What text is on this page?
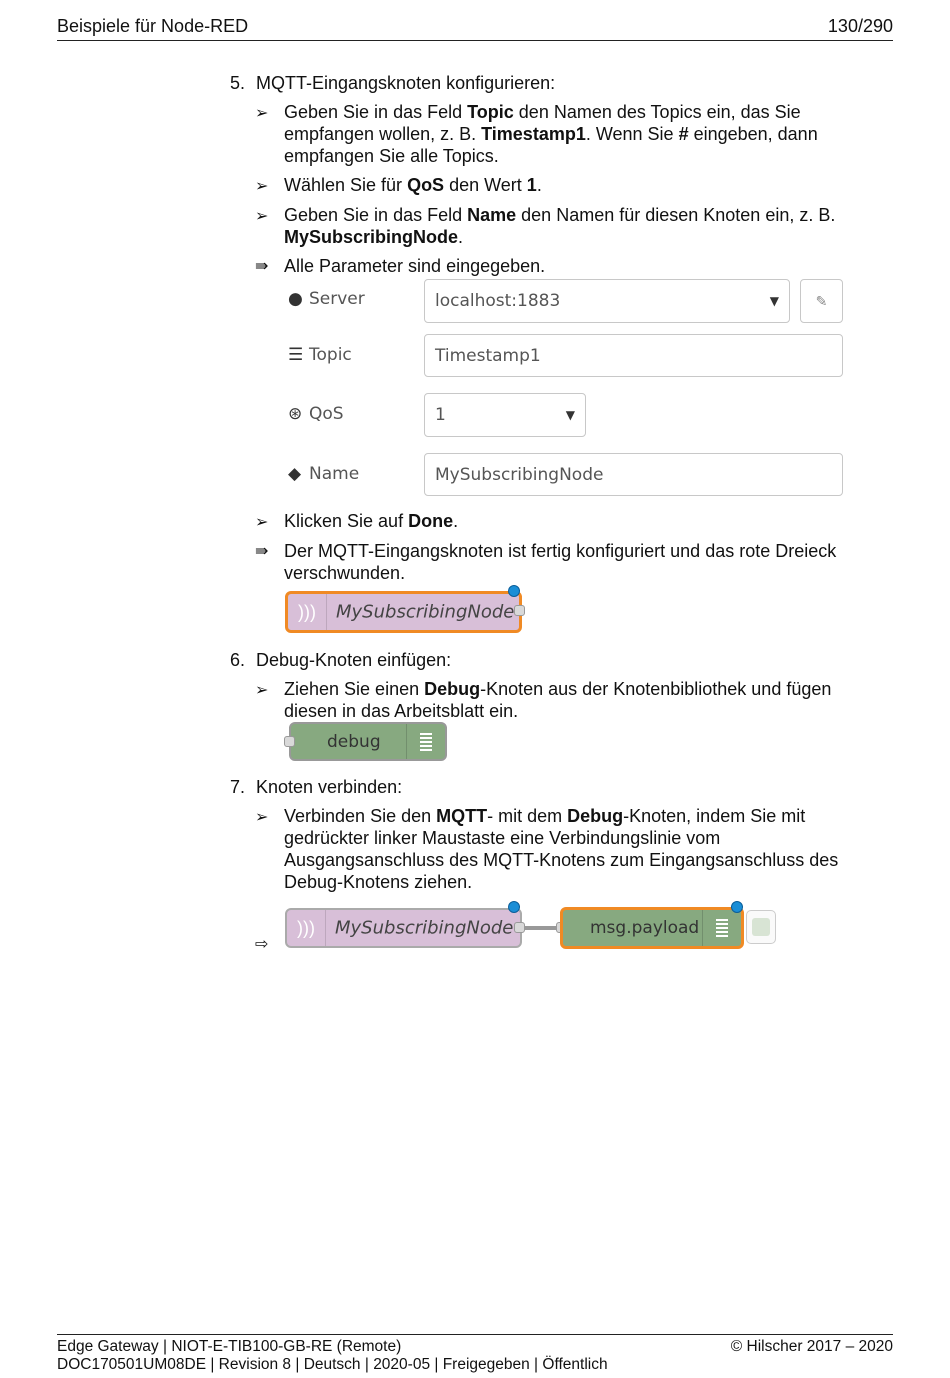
Beispiele für Node-RED	130/290
5. MQTT-Eingangsknoten konfigurieren:
➢ Geben Sie in das Feld Topic den Namen des Topics ein, das Sie
empfangen wollen, z. B. Timestamp1. Wenn Sie # eingeben, dann
empfangen Sie alle Topics.
➢ Wählen Sie für QoS den Wert 1.
➢ Geben Sie in das Feld Name den Namen für diesen Knoten ein, z. B.
MySubscribingNode.
⇛ Alle Parameter sind eingegeben.
● Server	localhost:1883	▼	✎
☰ Topic	Timestamp1
⊛ QoS	1	▼
◆ Name	MySubscribingNode
➢ Klicken Sie auf Done.
⇛ Der MQTT-Eingangsknoten ist fertig konfiguriert und das rote Dreieck
verschwunden.
)))	MySubscribingNode
6. Debug-Knoten einfügen:
➢ Ziehen Sie einen Debug-Knoten aus der Knotenbibliothek und fügen
diesen in das Arbeitsblatt ein.
debug
7. Knoten verbinden:
➢ Verbinden Sie den MQTT- mit dem Debug-Knoten, indem Sie mit
gedrückter linker Maustaste eine Verbindungslinie vom
Ausgangsanschluss des MQTT-Knotens zum Eingangsanschluss des
Debug-Knotens ziehen.
⇨
)))	MySubscribingNode	msg.payload
Edge Gateway | NIOT-E-TIB100-GB-RE (Remote)
DOC170501UM08DE | Revision 8 | Deutsch | 2020-05 | Freigegeben | Öffentlich
© Hilscher 2017 – 2020
